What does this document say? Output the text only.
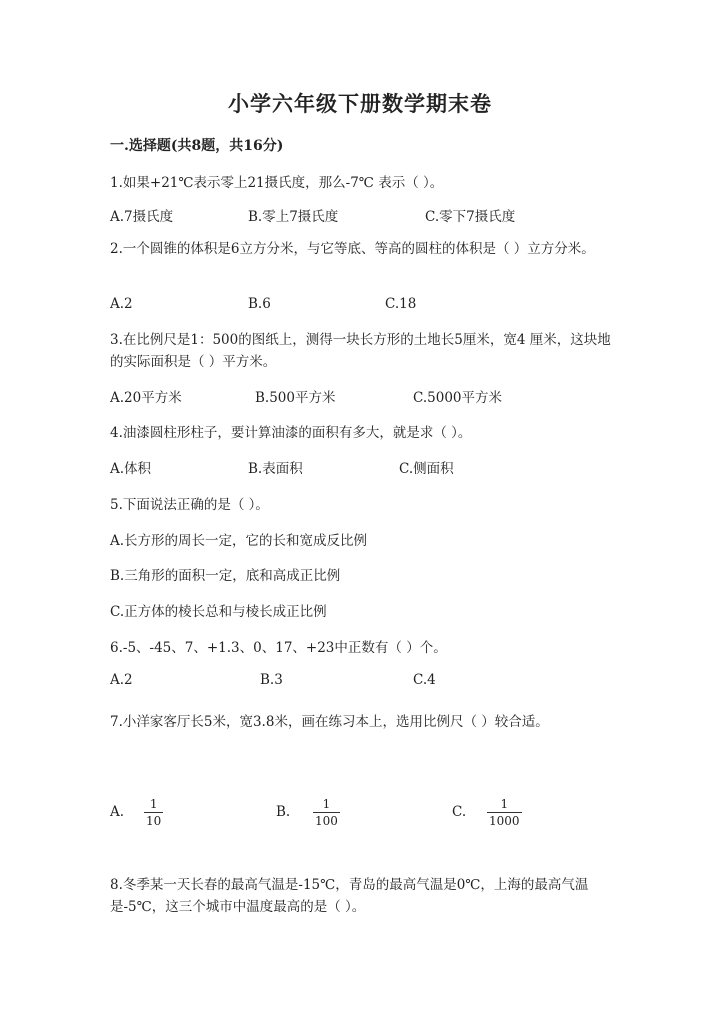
小学六年级下册数学期末卷
一.选择题(共8题，共16分)
1.如果+21℃表示零上21摄氏度，那么-7℃ 表示（ ）。
A.7摄氏度	B.零上7摄氏度	C.零下7摄氏度
2.一个圆锥的体积是6立方分米，与它等底、等高的圆柱的体积是（ ）立方分米。
A.2	B.6	C.18
3.在比例尺是1：500的图纸上，测得一块长方形的土地长5厘米，宽4 厘米，这块地的实际面积是（ ）平方米。
A.20平方米	B.500平方米	C.5000平方米
4.油漆圆柱形柱子，要计算油漆的面积有多大，就是求（ ）。
A.体积	B.表面积	C.侧面积
5.下面说法正确的是（ ）。
A.长方形的周长一定，它的长和宽成反比例
B.三角形的面积一定，底和高成正比例
C.正方体的棱长总和与棱长成正比例
6.-5、-45、7、+1.3、0、17、+23中正数有（ ）个。
A.2	B.3	C.4
7.小洋家客厅长5米，宽3.8米，画在练习本上，选用比例尺（ ）较合适。
A. 1
10
B.	1
100
C.	1
1000
8.冬季某一天长春的最高气温是-15℃，青岛的最高气温是0℃，上海的最高气温是-5℃，这三个城市中温度最高的是（ ）。
